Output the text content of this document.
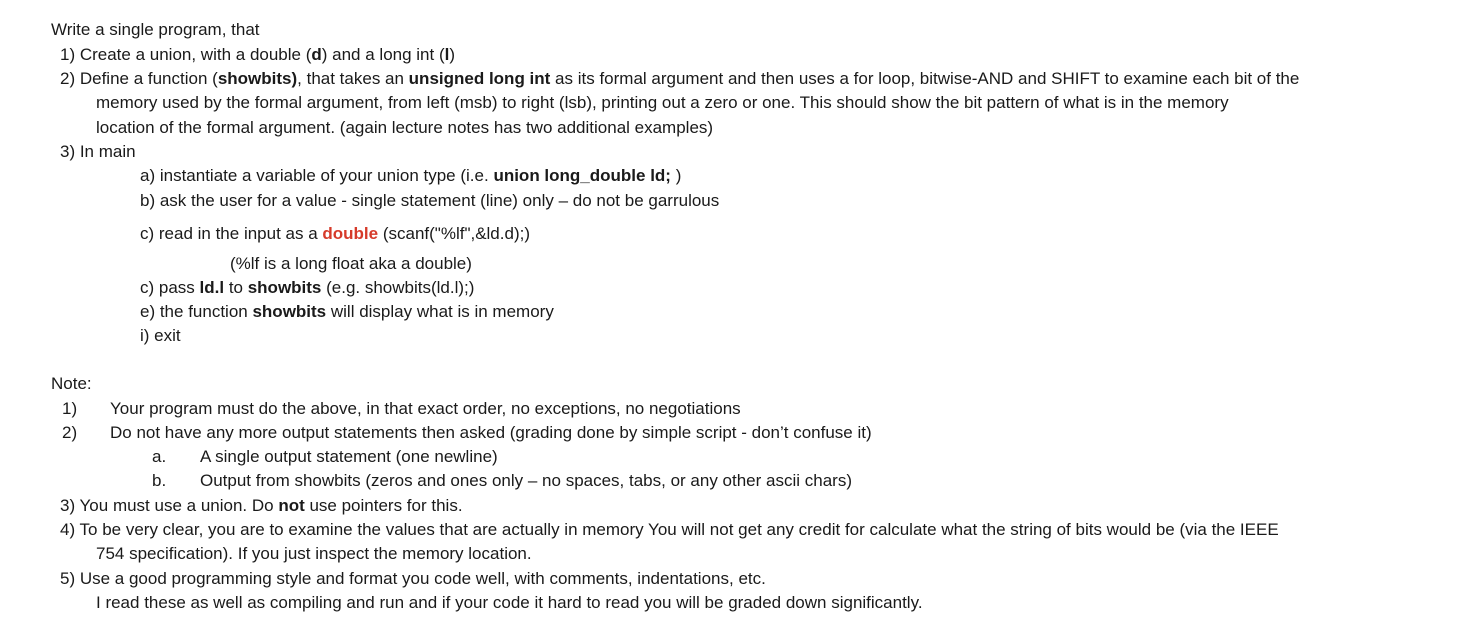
Write a single program, that

1) Create a union, with a double (d) and a long int (l)

2) Define a function (showbits), that takes an unsigned long int as its formal argument and then uses a for loop, bitwise-AND and SHIFT to examine each bit of the

memory used by the formal argument, from left (msb) to right (lsb), printing out a zero or one. This should show the bit pattern of what is in the memory

location of the formal argument. (again lecture notes has two additional examples)

3) In main

a) instantiate a variable of your union type (i.e. union long_double ld; )

b) ask the user for a value - single statement (line) only – do not be garrulous

c) read in the input as a double (scanf("%lf",&ld.d);)

(%lf is a long float aka a double)

c) pass ld.l to showbits (e.g. showbits(ld.l);)

e) the function showbits will display what is in memory

i) exit

Note:

1) Your program must do the above, in that exact order, no exceptions, no negotiations

2) Do not have any more output statements then asked (grading done by simple script - don’t confuse it)

a. A single output statement (one newline)

b. Output from showbits (zeros and ones only – no spaces, tabs, or any other ascii chars)

3) You must use a union. Do not use pointers for this.

4) To be very clear, you are to examine the values that are actually in memory You will not get any credit for calculate what the string of bits would be (via the IEEE

754 specification). If you just inspect the memory location.

5) Use a good programming style and format you code well, with comments, indentations, etc.

I read these as well as compiling and run and if your code it hard to read you will be graded down significantly.
